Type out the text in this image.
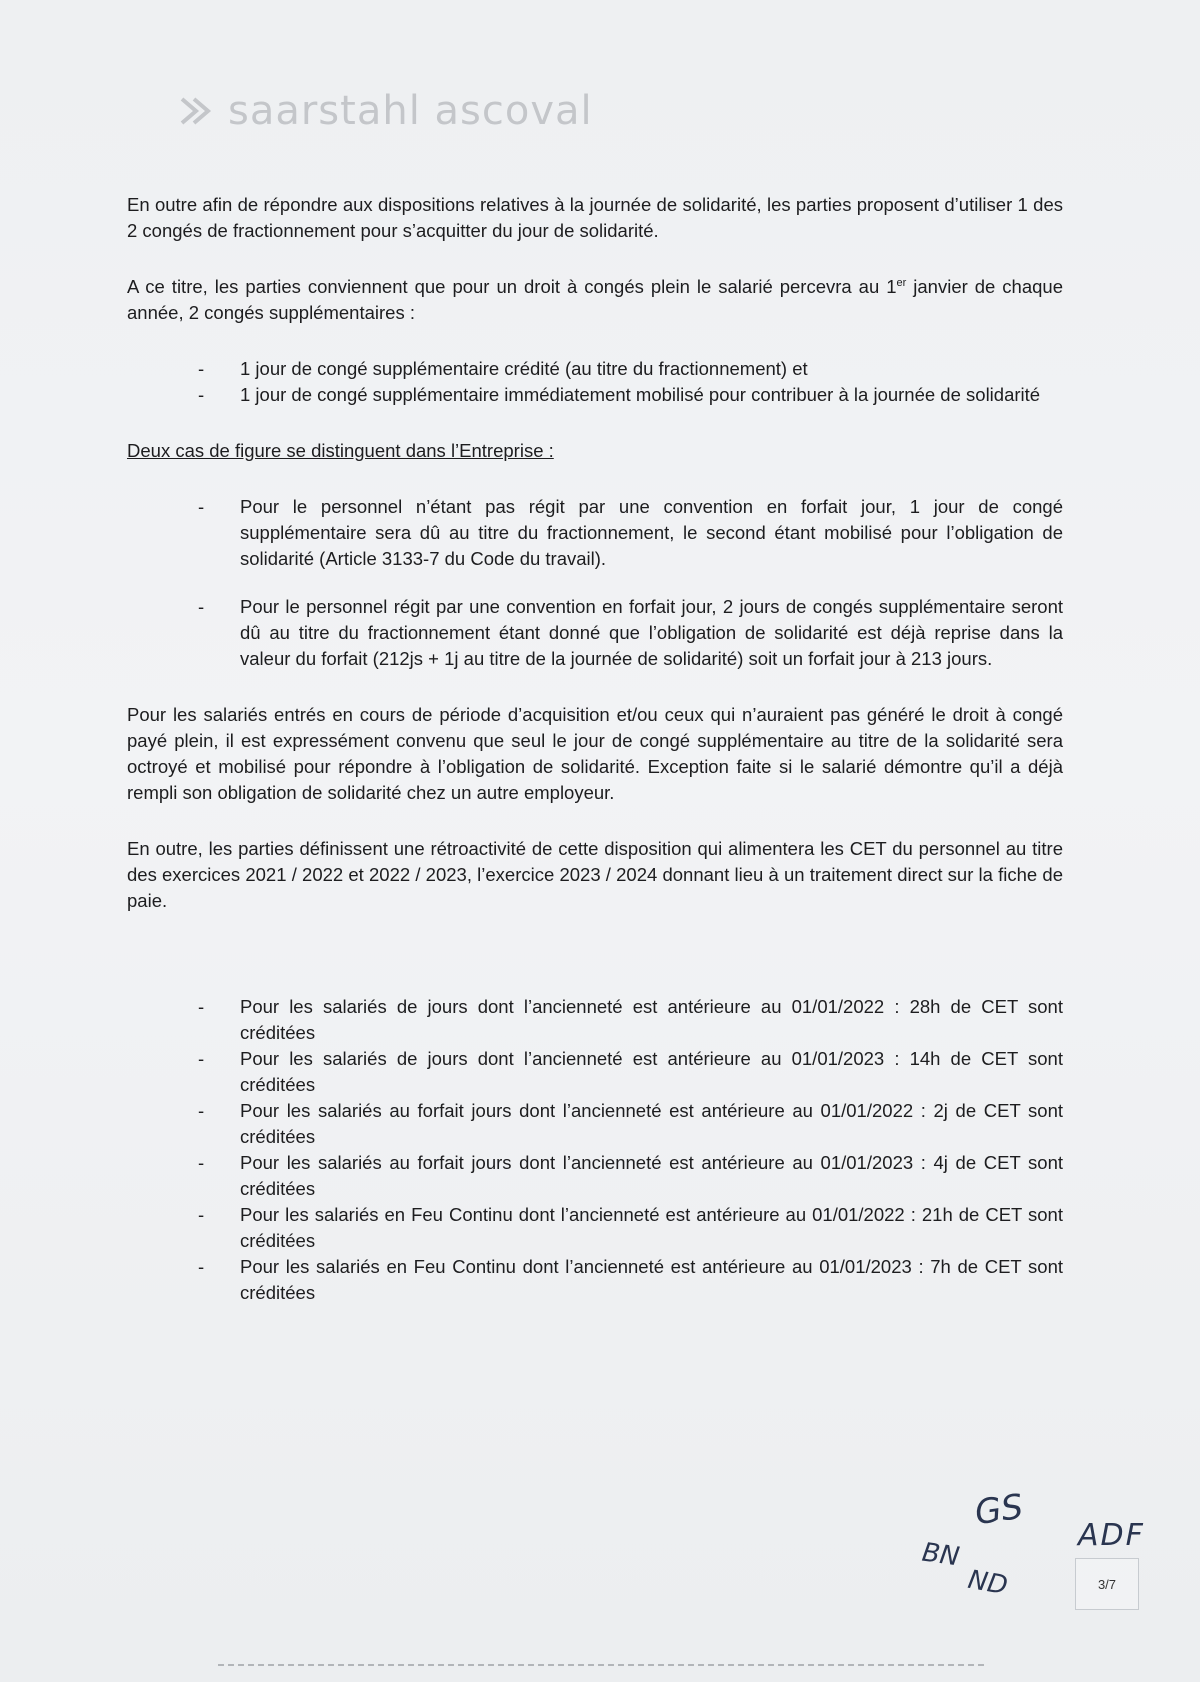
saarstahl ascoval

En outre afin de répondre aux dispositions relatives à la journée de solidarité, les parties proposent d’utiliser 1 des 2 congés de fractionnement pour s’acquitter du jour de solidarité.

A ce titre, les parties conviennent que pour un droit à congés plein le salarié percevra au 1er janvier de chaque année, 2 congés supplémentaires :

- 1 jour de congé supplémentaire crédité (au titre du fractionnement) et
- 1 jour de congé supplémentaire immédiatement mobilisé pour contribuer à la journée de solidarité

Deux cas de figure se distinguent dans l’Entreprise :

- Pour le personnel n’étant pas régit par une convention en forfait jour, 1 jour de congé supplémentaire sera dû au titre du fractionnement, le second étant mobilisé pour l’obligation de solidarité (Article 3133-7 du Code du travail).
- Pour le personnel régit par une convention en forfait jour, 2 jours de congés supplémentaire seront dû au titre du fractionnement étant donné que l’obligation de solidarité est déjà reprise dans la valeur du forfait (212js + 1j au titre de la journée de solidarité) soit un forfait jour à 213 jours.

Pour les salariés entrés en cours de période d’acquisition et/ou ceux qui n’auraient pas généré le droit à congé payé plein, il est expressément convenu que seul le jour de congé supplémentaire au titre de la solidarité sera octroyé et mobilisé pour répondre à l’obligation de solidarité. Exception faite si le salarié démontre qu’il a déjà rempli son obligation de solidarité chez un autre employeur.

En outre, les parties définissent une rétroactivité de cette disposition qui alimentera les CET du personnel au titre des exercices 2021 / 2022 et 2022 / 2023, l’exercice 2023 / 2024 donnant lieu à un traitement direct sur la fiche de paie.

- Pour les salariés de jours dont l’ancienneté est antérieure au 01/01/2022 : 28h de CET sont créditées
- Pour les salariés de jours dont l’ancienneté est antérieure au 01/01/2023 : 14h de CET sont créditées
- Pour les salariés au forfait jours dont l’ancienneté est antérieure au 01/01/2022 : 2j de CET sont créditées
- Pour les salariés au forfait jours dont l’ancienneté est antérieure au 01/01/2023 : 4j de CET sont créditées
- Pour les salariés en Feu Continu dont l’ancienneté est antérieure au 01/01/2022 : 21h de CET sont créditées
- Pour les salariés en Feu Continu dont l’ancienneté est antérieure au 01/01/2023 : 7h de CET sont créditées
GS
BN
ND
ADF
3/7
